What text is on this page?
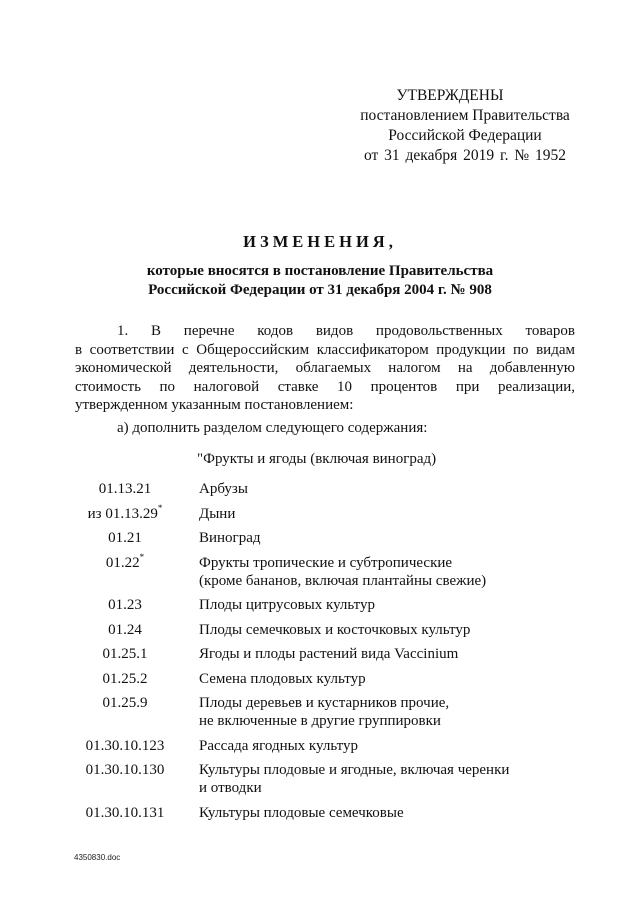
УТВЕРЖДЕНЫ
постановлением Правительства
Российской Федерации
от 31 декабря 2019 г. № 1952
ИЗМЕНЕНИЯ,
которые вносятся в постановление Правительства
Российской Федерации от 31 декабря 2004 г. № 908
1. В перечне кодов видов продовольственных товаров
в соответствии с Общероссийским классификатором продукции по видам
экономической деятельности, облагаемых налогом на добавленную
стоимость по налоговой ставке 10 процентов при реализации,
утвержденном указанным постановлением:
а) дополнить разделом следующего содержания:
"Фрукты и ягоды (включая виноград)
01.13.21	Арбузы
из 01.13.29*	Дыни
01.21	Виноград
01.22*	Фрукты тропические и субтропические
(кроме бананов, включая плантайны свежие)
01.23	Плоды цитрусовых культур
01.24	Плоды семечковых и косточковых культур
01.25.1	Ягоды и плоды растений вида Vaccinium
01.25.2	Семена плодовых культур
01.25.9	Плоды деревьев и кустарников прочие,
не включенные в другие группировки
01.30.10.123	Рассада ягодных культур
01.30.10.130	Культуры плодовые и ягодные, включая черенки
и отводки
01.30.10.131	Культуры плодовые семечковые
4350830.doc
